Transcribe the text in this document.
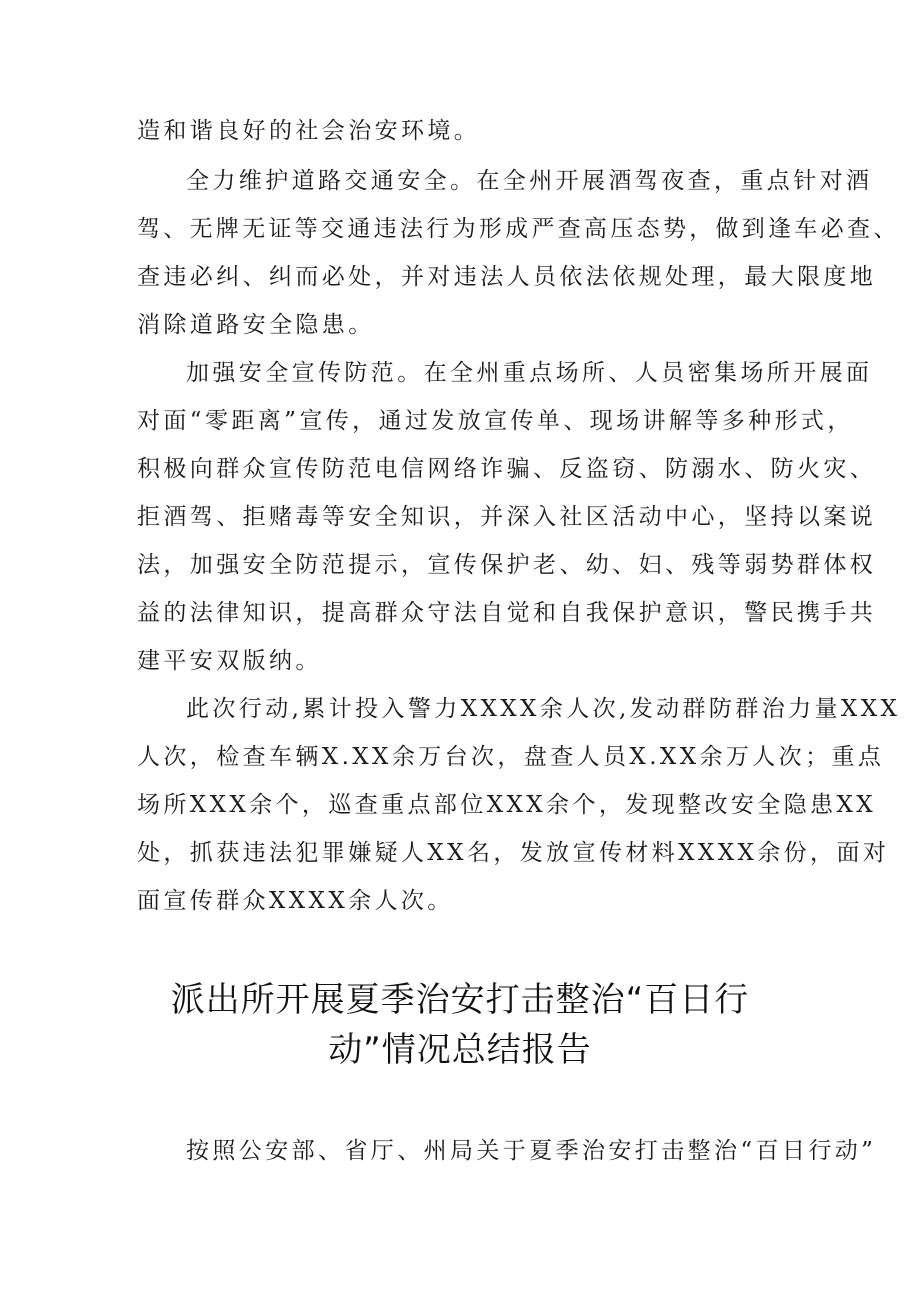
造和谐良好的社会治安环境。
全力维护道路交通安全。在全州开展酒驾夜查，重点针对酒
驾、无牌无证等交通违法行为形成严查高压态势，做到逢车必查、
查违必纠、纠而必处，并对违法人员依法依规处理，最大限度地
消除道路安全隐患。
加强安全宣传防范。在全州重点场所、人员密集场所开展面
对面“零距离”宣传，通过发放宣传单、现场讲解等多种形式，
积极向群众宣传防范电信网络诈骗、反盗窃、防溺水、防火灾、
拒酒驾、拒赌毒等安全知识，并深入社区活动中心，坚持以案说
法，加强安全防范提示，宣传保护老、幼、妇、残等弱势群体权
益的法律知识，提高群众守法自觉和自我保护意识，警民携手共
建平安双版纳。
此次行动,累计投入警力XXXX余人次,发动群防群治力量XXX
人次，检查车辆X.XX余万台次，盘查人员X.XX余万人次；重点
场所XXX余个，巡查重点部位XXX余个，发现整改安全隐患XX
处，抓获违法犯罪嫌疑人XX名，发放宣传材料XXXX余份，面对
面宣传群众XXXX余人次。
派出所开展夏季治安打击整治“百日行
动”情况总结报告
按照公安部、省厅、州局关于夏季治安打击整治“百日行动”
